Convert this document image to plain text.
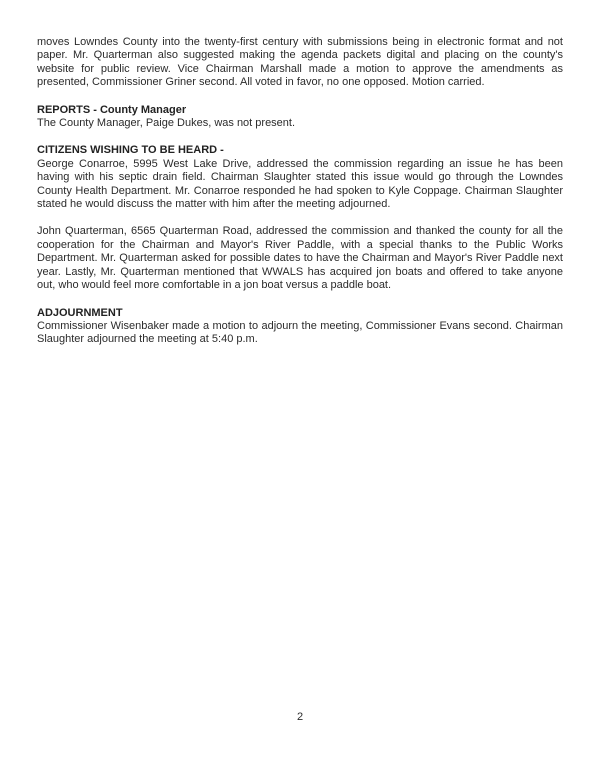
moves Lowndes County into the twenty-first century with submissions being in electronic format and not paper. Mr. Quarterman also suggested making the agenda packets digital and placing on the county's website for public review. Vice Chairman Marshall made a motion to approve the amendments as presented, Commissioner Griner second. All voted in favor, no one opposed. Motion carried.

REPORTS - County Manager

The County Manager, Paige Dukes, was not present.

CITIZENS WISHING TO BE HEARD -

George Conarroe, 5995 West Lake Drive, addressed the commission regarding an issue he has been having with his septic drain field. Chairman Slaughter stated this issue would go through the Lowndes County Health Department. Mr. Conarroe responded he had spoken to Kyle Coppage. Chairman Slaughter stated he would discuss the matter with him after the meeting adjourned.

John Quarterman, 6565 Quarterman Road, addressed the commission and thanked the county for all the cooperation for the Chairman and Mayor's River Paddle, with a special thanks to the Public Works Department. Mr. Quarterman asked for possible dates to have the Chairman and Mayor's River Paddle next year. Lastly, Mr. Quarterman mentioned that WWALS has acquired jon boats and offered to take anyone out, who would feel more comfortable in a jon boat versus a paddle boat.

ADJOURNMENT

Commissioner Wisenbaker made a motion to adjourn the meeting, Commissioner Evans second. Chairman Slaughter adjourned the meeting at 5:40 p.m.

2
